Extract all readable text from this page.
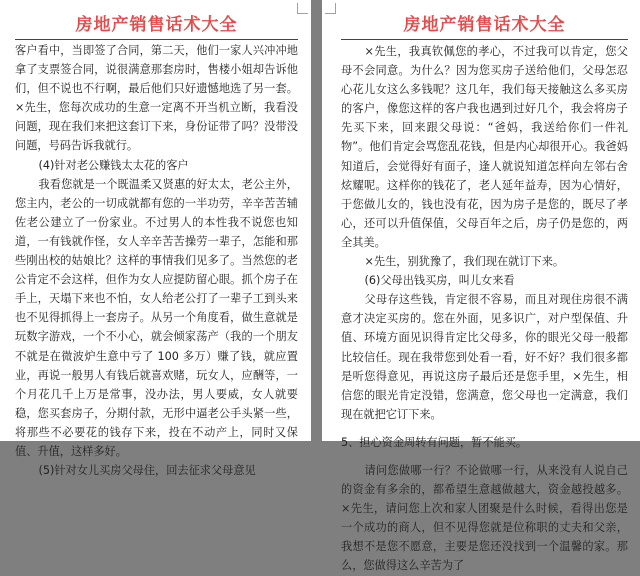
房地产销售话术大全

客户看中，当即签了合同，第二天，他们一家人兴冲冲地拿了支票签合同，说很满意那套房时，售楼小姐却告诉他们，但不说也不行啊，最后他们只好遗憾地选了另一套。×先生，您每次成功的生意一定离不开当机立断，我看没问题，现在我们来把这套订下来，身份证带了吗？没带没问题，号码告诉我就行。

(4)针对老公赚钱太太花的客户

我看您就是一个既温柔又贤惠的好太太，老公主外，您主内，老公的一切成就都有您的一半功劳，辛辛苦苦辅佐老公建立了一份家业。不过男人的本性我不说您也知道，一有钱就作怪，女人辛辛苦苦操劳一辈子，怎能和那些刚出校的姑娘比？这样的事情我们见多了。当然您的老公肯定不会这样，但作为女人应提防留心眼。抓个房子在手上，天塌下来也不怕，女人给老公打了一辈子工到头来也不见得抓得上一套房子。从另一个角度看，做生意就是玩数字游戏，一个不小心，就会倾家荡产（我的一个朋友不就是在微波炉生意中亏了 100 多万）赚了钱，就应置业，再说一般男人有钱后就喜欢赌，玩女人，应酬等，一个月花几千上万是常事，没办法，男人要威，女人就要稳，您买套房子，分期付款，无形中逼老公手头紧一些，将那些不必要花的钱存下来，投在不动产上，同时又保值、升值，这样多好。

(5)针对女儿买房父母住，回去征求父母意见

房地产销售话术大全

×先生，我真钦佩您的孝心，不过我可以肯定，您父母不会同意。为什么？因为您买房子送给他们，父母怎忍心花儿女这么多钱呢？这几年，我们每天接触这么多买房的客户，像您这样的客户我也遇到过好几个，我会将房子先买下来，回来跟父母说：“爸妈，我送给你们一件礼物”。他们肯定会骂您乱花钱，但是内心却很开心。我爸妈知道后，会觉得好有面子，逢人就说知道怎样向左邻右舍炫耀呢。这样你的钱花了，老人延年益寿，因为心情好，于您做儿女的，钱也没有花，因为房子是您的，既尽了孝心，还可以升值保值，父母百年之后，房子仍是您的，两全其美。

×先生，别犹豫了，我们现在就订下来。

(6)父母出钱买房，叫儿女来看

父母存这些钱，肯定很不容易，而且对现住房很不满意才决定买房的。您在外面，见多识广，对户型保值、升值、环境方面见识得肯定比父母多，你的眼光父母一般都比较信任。现在我带您到处看一看，好不好？我们很多都是听您得意见，再说这房子最后还是您手里，×先生，相信您的眼光肯定没错，您满意，您父母也一定满意，我们现在就把它订下来。

5、担心资金周转有问题，暂不能买。

请问您做哪一行？不论做哪一行，从来没有人说自己的资金有多余的，都希望生意越做越大，资金越投越多。×先生，请问您上次和家人团聚是什么时候，看得出您是一个成功的商人，但不见得您就是位称职的丈夫和父亲，我想不是您不愿意，主要是您还没找到一个温馨的家。那么，您做得这么辛苦为了
